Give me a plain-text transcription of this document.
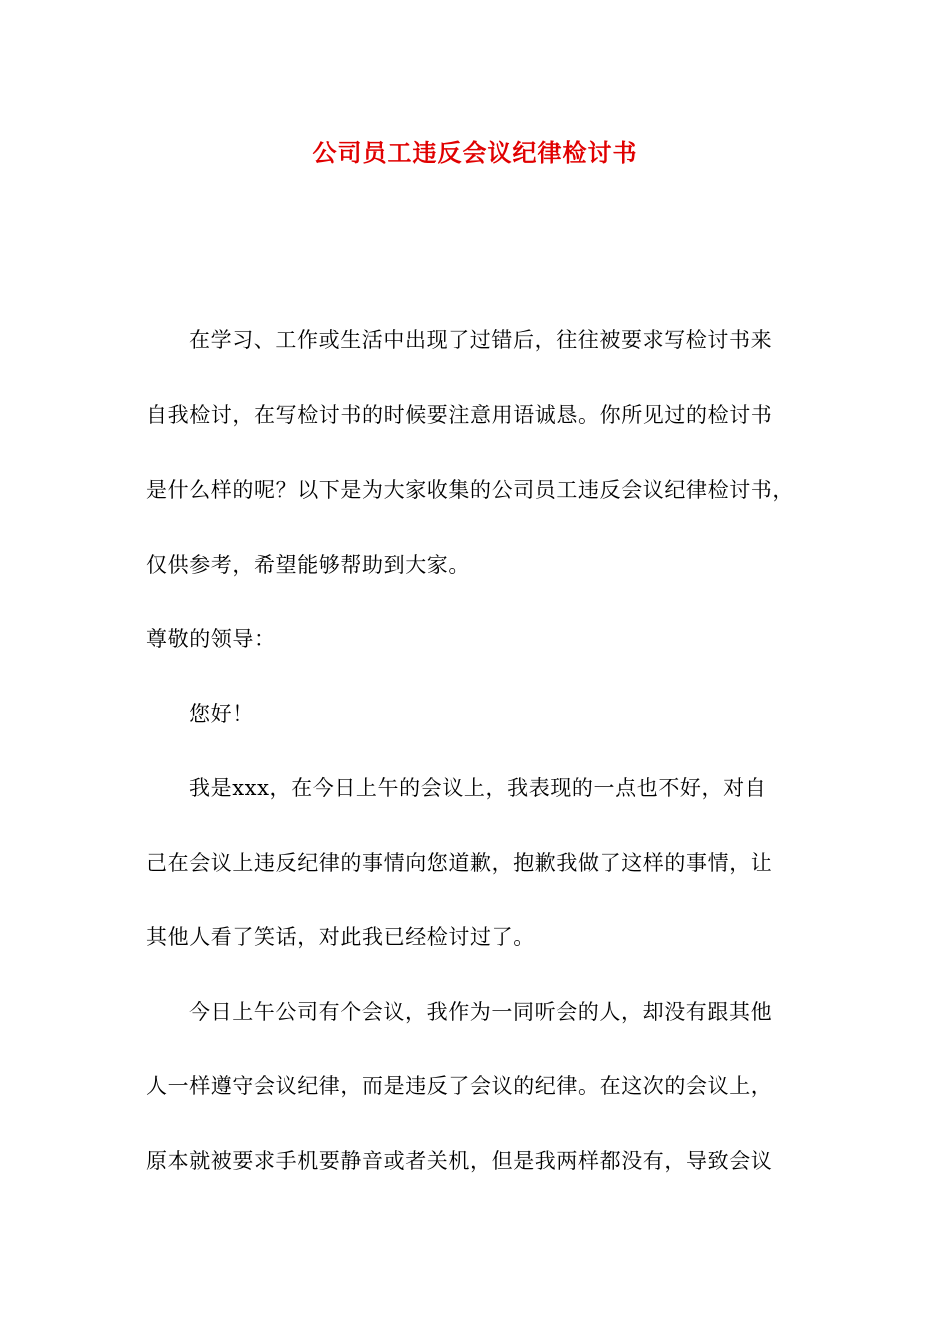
公司员工违反会议纪律检讨书
在学习、工作或生活中出现了过错后，往往被要求写检讨书来
自我检讨，在写检讨书的时候要注意用语诚恳。你所见过的检讨书
是什么样的呢？以下是为大家收集的公司员工违反会议纪律检讨书，
仅供参考，希望能够帮助到大家。
尊敬的领导：
您好！
我是xxx，在今日上午的会议上，我表现的一点也不好，对自
己在会议上违反纪律的事情向您道歉，抱歉我做了这样的事情，让
其他人看了笑话，对此我已经检讨过了。
今日上午公司有个会议，我作为一同听会的人，却没有跟其他
人一样遵守会议纪律，而是违反了会议的纪律。在这次的会议上，
原本就被要求手机要静音或者关机，但是我两样都没有，导致会议
